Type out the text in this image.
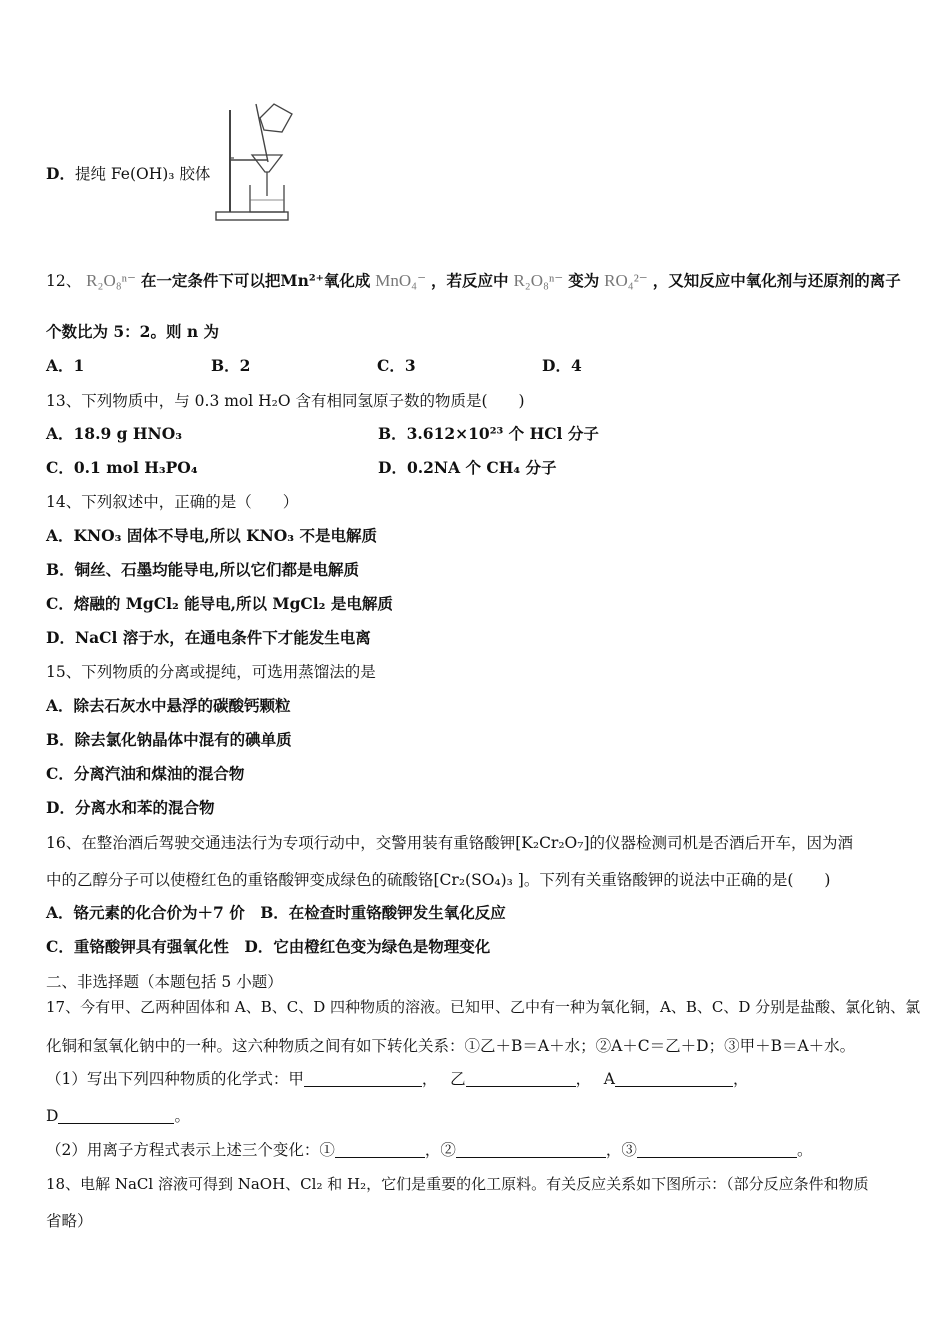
D．提纯 Fe(OH)₃ 胶体
12、 R₂O₈ⁿ⁻ 在一定条件下可以把Mn²⁺氧化成 MnO₄⁻ ，若反应中 R₂O₈ⁿ⁻ 变为 RO₄²⁻ ，又知反应中氧化剂与还原剂的离子
个数比为 5：2。则 n 为
A．1	B．2	C．3	D．4
13、下列物质中，与 0.3 mol H₂O 含有相同氢原子数的物质是(　　)
A．18.9 g HNO₃	B．3.612×10²³ 个 HCl 分子
C．0.1 mol H₃PO₄	D．0.2NA 个 CH₄ 分子
14、下列叙述中，正确的是（　　）
A．KNO₃ 固体不导电,所以 KNO₃ 不是电解质
B．铜丝、石墨均能导电,所以它们都是电解质
C．熔融的 MgCl₂ 能导电,所以 MgCl₂ 是电解质
D．NaCl 溶于水，在通电条件下才能发生电离
15、下列物质的分离或提纯，可选用蒸馏法的是
A．除去石灰水中悬浮的碳酸钙颗粒
B．除去氯化钠晶体中混有的碘单质
C．分离汽油和煤油的混合物
D．分离水和苯的混合物
16、在整治酒后驾驶交通违法行为专项行动中，交警用装有重铬酸钾[K₂Cr₂O₇]的仪器检测司机是否酒后开车，因为酒
中的乙醇分子可以使橙红色的重铬酸钾变成绿色的硫酸铬[Cr₂(SO₄)₃ ]。下列有关重铬酸钾的说法中正确的是(　　)
A．铬元素的化合价为＋7 价　B．在检查时重铬酸钾发生氧化反应
C．重铬酸钾具有强氧化性　D．它由橙红色变为绿色是物理变化
二、非选择题（本题包括 5 小题）
17、今有甲、乙两种固体和 A、B、C、D 四种物质的溶液。已知甲、乙中有一种为氧化铜，A、B、C、D 分别是盐酸、氯化钠、氯
化铜和氢氧化钠中的一种。这六种物质之间有如下转化关系：①乙＋B＝A＋水；②A＋C＝乙＋D；③甲＋B＝A＋水。
（1）写出下列四种物质的化学式：甲	，　 乙	，　 A	，
D	。
（2）用离子方程式表示上述三个变化：①	，②	，③	。
18、电解 NaCl 溶液可得到 NaOH、Cl₂ 和 H₂，它们是重要的化工原料。有关反应关系如下图所示：（部分反应条件和物质
省略）
